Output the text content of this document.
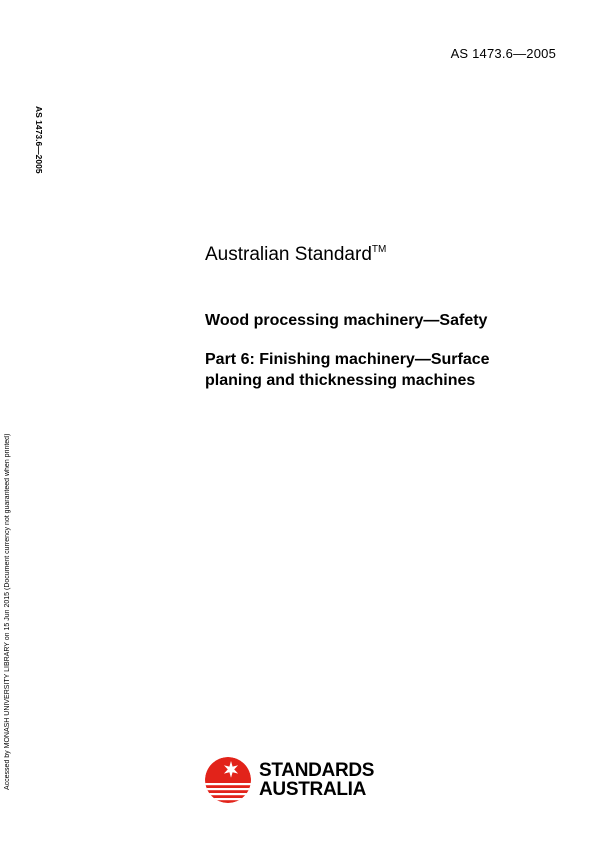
AS 1473.6—2005
AS 1473.6—2005
Accessed by MONASH UNIVERSITY LIBRARY on 15 Jun 2015 (Document currency not guaranteed when printed)
Australian Standard™
Wood processing machinery—Safety
Part 6: Finishing machinery—Surface
planing and thicknessing machines
STANDARDS
AUSTRALIA
